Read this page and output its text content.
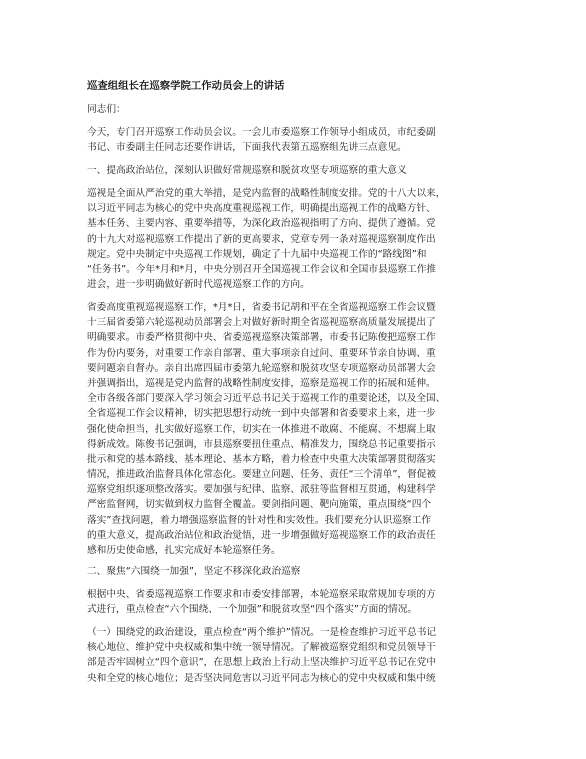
巡查组组长在巡察学院工作动员会上的讲话
同志们：
今天，专门召开巡察工作动员会议。一会儿市委巡察工作领导小组成员，市纪委副
书记、市委副主任同志还要作讲话，下面我代表第五巡察组先讲三点意见。
一、提高政治站位，深刻认识做好常规巡察和脱贫攻坚专项巡察的重大意义
巡视是全面从严治党的重大举措，是党内监督的战略性制度安排。党的十八大以来，
以习近平同志为核心的党中央高度重视巡视工作，明确提出巡视工作的战略方针、
基本任务、主要内容、重要举措等，为深化政治巡视指明了方向、提供了遵循。党
的十九大对巡视巡察工作提出了新的更高要求，党章专列一条对巡视巡察制度作出
规定。党中央制定中央巡视工作规划，确定了十九届中央巡视工作的“路线图”和
“任务书”。今年*月和*月，中央分别召开全国巡视工作会议和全国市县巡察工作推
进会，进一步明确做好新时代巡视巡察工作的方向。
省委高度重视巡视巡察工作，*月*日，省委书记胡和平在全省巡视巡察工作会议暨
十三届省委第六轮巡视动员部署会上对做好新时期全省巡视巡察高质量发展提出了
明确要求。市委严格贯彻中央、省委巡视巡察决策部署，市委书记陈俊把巡察工作
作为份内要务，对重要工作亲自部署、重大事项亲自过问、重要环节亲自协调、重
要问题亲自督办。亲自出席四届市委第九轮巡察和脱贫攻坚专项巡察动员部署大会
并强调指出，巡视是党内监督的战略性制度安排，巡察是巡视工作的拓展和延伸。
全市各级各部门要深入学习领会习近平总书记关于巡视工作的重要论述，以及全国、
全省巡视工作会议精神，切实把思想行动统一到中央部署和省委要求上来，进一步
强化使命担当，扎实做好巡察工作，切实在一体推进不敢腐、不能腐、不想腐上取
得新成效。陈俊书记强调，市县巡察要扭住重点、精准发力，围绕总书记重要指示
批示和党的基本路线、基本理论、基本方略，着力检查中央重大决策部署贯彻落实
情况，推进政治监督具体化常态化。要建立问题、任务、责任“三个清单”，督促被
巡察党组织逐项整改落实。要加强与纪律、监察、派驻等监督相互贯通，构建科学
严密监督网，切实做到权力监督全覆盖。要剑指问题、靶向施策，重点围绕“四个
落实”查找问题，着力增强巡察监督的针对性和实效性。我们要充分认识巡察工作
的重大意义，提高政治站位和政治觉悟，进一步增强做好巡视巡察工作的政治责任
感和历史使命感，扎实完成好本轮巡察任务。
二、聚焦“六围绕一加强”，坚定不移深化政治巡察
根据中央、省委巡视巡察工作要求和市委安排部署，本轮巡察采取常规加专项的方
式进行，重点检查“六个围绕、一个加强”和脱贫攻坚“四个落实”方面的情况。
（一）围绕党的政治建设，重点检查“两个维护”情况。一是检查维护习近平总书记
核心地位、维护党中央权威和集中统一领导情况。了解被巡察党组织和党员领导干
部是否牢固树立“四个意识”，在思想上政治上行动上坚决维护习近平总书记在党中
央和全党的核心地位；是否坚决同危害以习近平同志为核心的党中央权威和集中统
